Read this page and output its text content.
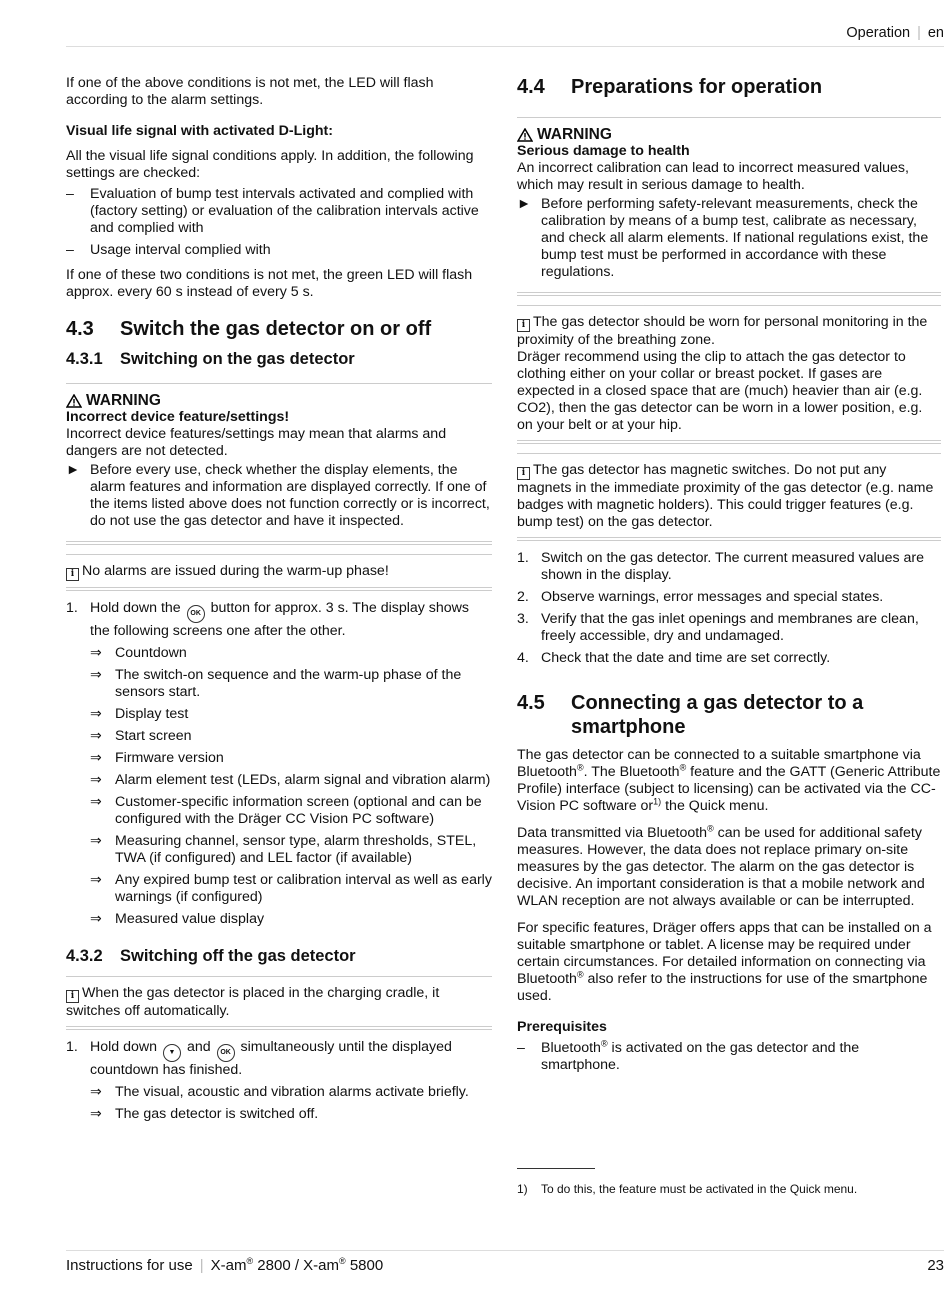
Operation | en

If one of the above conditions is not met, the LED will flash according to the alarm settings.

Visual life signal with activated D-Light:

All the visual life signal conditions apply. In addition, the following settings are checked:

–	Evaluation of bump test intervals activated and complied with (factory setting) or evaluation of the calibration intervals active and complied with
–	Usage interval complied with

If one of these two conditions is not met, the green LED will flash approx. every 60 s instead of every 5 s.

4.3	Switch the gas detector on or off
4.3.1	Switching on the gas detector
WARNING
Incorrect device feature/settings!
Incorrect device features/settings may mean that alarms and dangers are not detected.
► Before every use, check whether the display elements, the alarm features and information are displayed correctly. If one of the items listed above does not function correctly or is incorrect, do not use the gas detector and have it inspected.
i No alarms are issued during the warm-up phase!
1. Hold down the OK button for approx. 3 s. The display shows the following screens one after the other.
⇒ Countdown
⇒ The switch-on sequence and the warm-up phase of the sensors start.
⇒ Display test
⇒ Start screen
⇒ Firmware version
⇒ Alarm element test (LEDs, alarm signal and vibration alarm)
⇒ Customer-specific information screen (optional and can be configured with the Dräger CC Vision PC software)
⇒ Measuring channel, sensor type, alarm thresholds, STEL, TWA (if configured) and LEL factor (if available)
⇒ Any expired bump test or calibration interval as well as early warnings (if configured)
⇒ Measured value display
4.3.2	Switching off the gas detector
i When the gas detector is placed in the charging cradle, it switches off automatically.
1. Hold down ▼ and OK simultaneously until the displayed countdown has finished.
⇒ The visual, acoustic and vibration alarms activate briefly.
⇒ The gas detector is switched off.
4.4	Preparations for operation
WARNING
Serious damage to health
An incorrect calibration can lead to incorrect measured values, which may result in serious damage to health.
► Before performing safety-relevant measurements, check the calibration by means of a bump test, calibrate as necessary, and check all alarm elements. If national regulations exist, the bump test must be performed in accordance with these regulations.
i The gas detector should be worn for personal monitoring in the proximity of the breathing zone.
Dräger recommend using the clip to attach the gas detector to clothing either on your collar or breast pocket. If gases are expected in a closed space that are (much) heavier than air (e.g. CO2), then the gas detector can be worn in a lower position, e.g. on your belt or at your hip.
i The gas detector has magnetic switches. Do not put any magnets in the immediate proximity of the gas detector (e.g. name badges with magnetic holders). This could trigger features (e.g. bump test) on the gas detector.
1. Switch on the gas detector. The current measured values are shown in the display.
2. Observe warnings, error messages and special states.
3. Verify that the gas inlet openings and membranes are clean, freely accessible, dry and undamaged.
4. Check that the date and time are set correctly.
4.5	Connecting a gas detector to a smartphone

The gas detector can be connected to a suitable smartphone via Bluetooth®. The Bluetooth® feature and the GATT (Generic Attribute Profile) interface (subject to licensing) can be activated via the CC-Vision PC software $or^{1)}$ the Quick menu.

Data transmitted via Bluetooth® can be used for additional safety measures. However, the data does not replace primary on-site measures by the gas detector. The alarm on the gas detector is decisive. An important consideration is that a mobile network and WLAN reception are not always available or can be interrupted.

For specific features, Dräger offers apps that can be installed on a suitable smartphone or tablet. A license may be required under certain circumstances. For detailed information on connecting via Bluetooth® also refer to the instructions for use of the smartphone used.

Prerequisites

–	Bluetooth® is activated on the gas detector and the smartphone.
1) To do this, the feature must be activated in the Quick menu.
Instructions for use | X-am® 2800 / X-am® 5800	23
